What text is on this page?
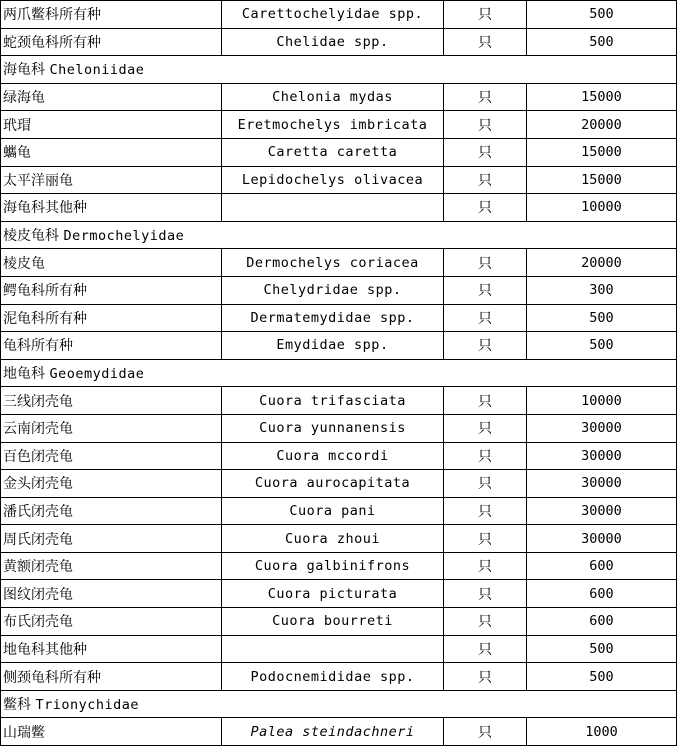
两爪鳖科所有种	Carettochelyidae spp.	只	500
蛇颈龟科所有种	Chelidae spp.	只	500
海龟科 Cheloniidae			
绿海龟	Chelonia mydas	只	15000
玳瑁	Eretmochelys imbricata	只	20000
蠵龟	Caretta caretta	只	15000
太平洋丽龟	Lepidochelys olivacea	只	15000
海龟科其他种		只	10000
棱皮龟科 Dermochelyidae			
棱皮龟	Dermochelys coriacea	只	20000
鳄龟科所有种	Chelydridae spp.	只	300
泥龟科所有种	Dermatemydidae spp.	只	500
龟科所有种	Emydidae spp.	只	500
地龟科 Geoemydidae			
三线闭壳龟	Cuora trifasciata	只	10000
云南闭壳龟	Cuora yunnanensis	只	30000
百色闭壳龟	Cuora mccordi	只	30000
金头闭壳龟	Cuora aurocapitata	只	30000
潘氏闭壳龟	Cuora pani	只	30000
周氏闭壳龟	Cuora zhoui	只	30000
黄额闭壳龟	Cuora galbinifrons	只	600
图纹闭壳龟	Cuora picturata	只	600
布氏闭壳龟	Cuora bourreti	只	600
地龟科其他种		只	500
侧颈龟科所有种	Podocnemididae spp.	只	500
鳖科 Trionychidae			
山瑞鳖	Palea steindachneri	只	1000
